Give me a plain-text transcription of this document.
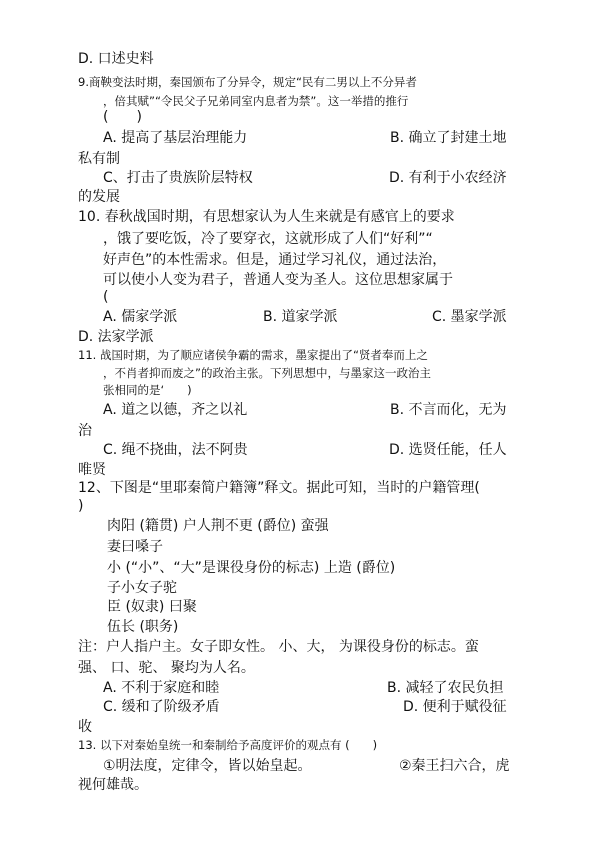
D. 口述史料
9.商鞅变法时期，秦国颁布了分异令，规定“民有二男以上不分异者
，倍其赋”“令民父子兄弟同室内息者为禁”。这一举措的推行
(　　)
A. 提高了基层治理能力	B. 确立了封建土地
私有制
C、打击了贵族阶层特权	D. 有利于小农经济
的发展
10. 春秋战国时期，有思想家认为人生来就是有感官上的要求
，饿了要吃饭，冷了要穿衣，这就形成了人们“好利”“
好声色”的本性需求。但是，通过学习礼仪，通过法治，
可以使小人变为君子，普通人变为圣人。这位思想家属于
(
A. 儒家学派	B. 道家学派	C. 墨家学派
D. 法家学派
11. 战国时期，为了顺应诸侯争霸的需求，墨家提出了“贤者奉而上之
，不肖者抑而废之”的政治主张。下列思想中，与墨家这一政治主
张相同的是‘　　)
A. 道之以德，齐之以礼	B. 不言而化，无为
治
C. 绳不挠曲，法不阿贵	D. 选贤任能，任人
唯贤
12、下图是“里耶秦简户籍簿”释文。据此可知，当时的户籍管理(
)
肉阳 (籍贯) 户人荆不更 (爵位) 蛮强
妻曰嗓子
小 (“小”、“大”是课役身份的标志) 上造 (爵位)
子小女子驼
臣 (奴隶) 曰聚
伍长 (职务)
注：户人指户主。女子即女性。 小、大， 为课役身份的标志。蛮
强、 口、驼、 聚均为人名。
A. 不利于家庭和睦	B. 减轻了农民负担
C. 缓和了阶级矛盾	D. 便利于赋役征
收
13. 以下对秦始皇统一和秦制给予高度评价的观点有 (　　)
①明法度，定律令，皆以始皇起。	②秦王扫六合，虎
视何雄哉。
